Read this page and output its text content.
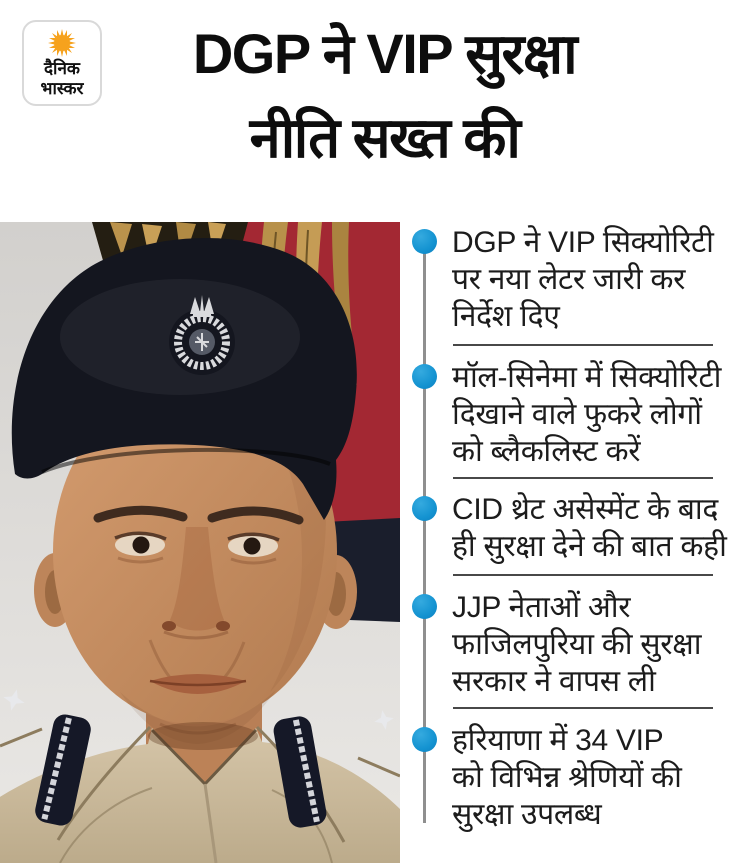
दैनिक
भास्कर
DGP ने VIP सुरक्षा
नीति सख्त की
DGP ने VIP सिक्योरिटी
पर नया लेटर जारी कर
निर्देश दिए
मॉल-सिनेमा में सिक्योरिटी
दिखाने वाले फुकरे लोगों
को ब्लैकलिस्ट करें
CID थ्रेट असेस्मेंट के बाद
ही सुरक्षा देने की बात कही
JJP नेताओं और
फाजिलपुरिया की सुरक्षा
सरकार ने वापस ली
हरियाणा में 34 VIP
को विभिन्न श्रेणियों की
सुरक्षा उपलब्ध
